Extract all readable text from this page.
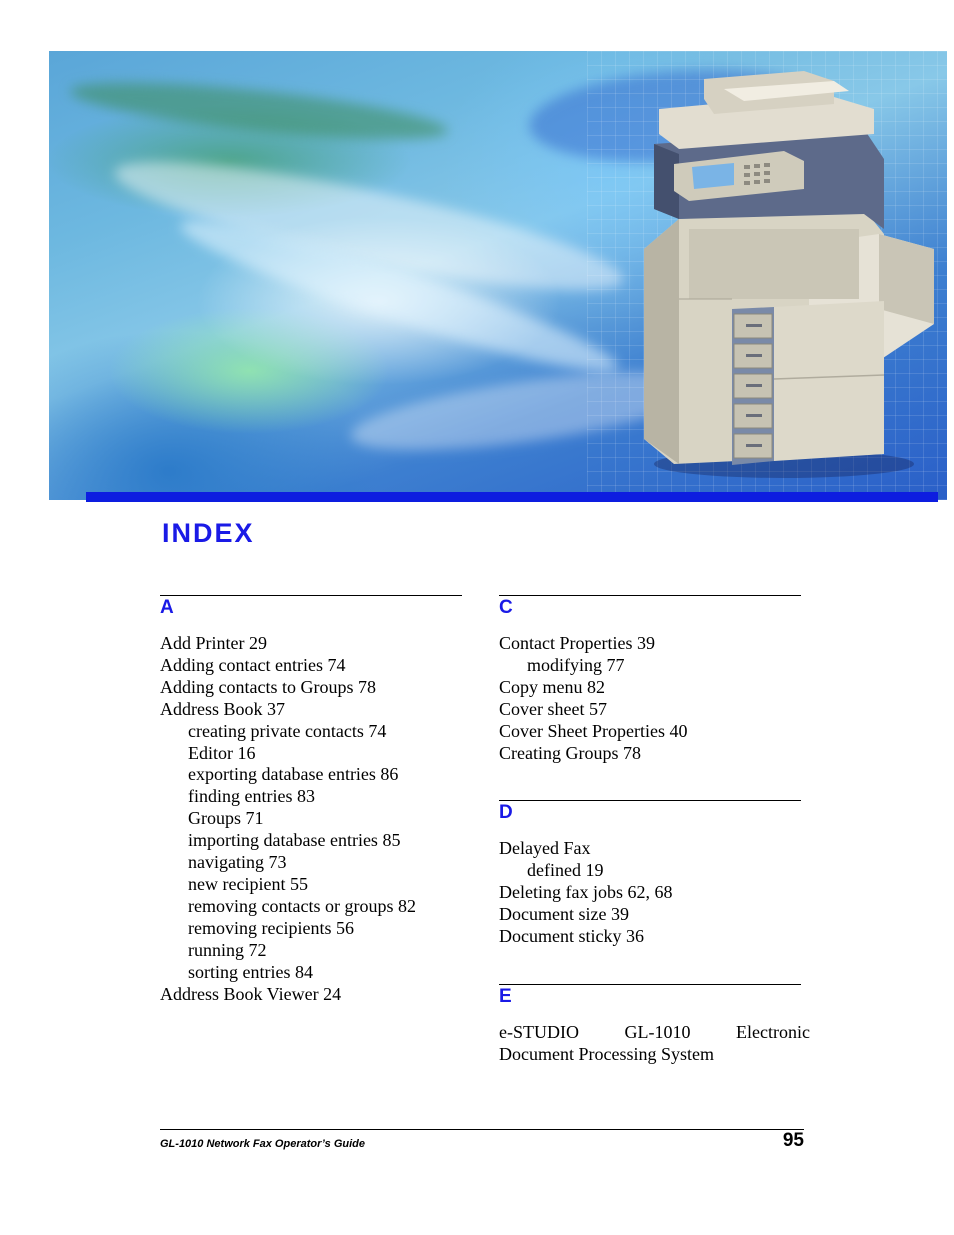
INDEX
A
Add Printer 29
Adding contact entries 74
Adding contacts to Groups 78
Address Book 37
creating private contacts 74
Editor 16
exporting database entries 86
finding entries 83
Groups 71
importing database entries 85
navigating 73
new recipient 55
removing contacts or groups 82
removing recipients 56
running 72
sorting entries 84
Address Book Viewer 24
C
Contact Properties 39
modifying 77
Copy menu 82
Cover sheet 57
Cover Sheet Properties 40
Creating Groups 78
D
Delayed Fax
defined 19
Deleting fax jobs 62, 68
Document size 39
Document sticky 36
E
e-STUDIO	GL-1010	Electronic
Document Processing System
GL-1010 Network Fax Operator’s Guide	95
